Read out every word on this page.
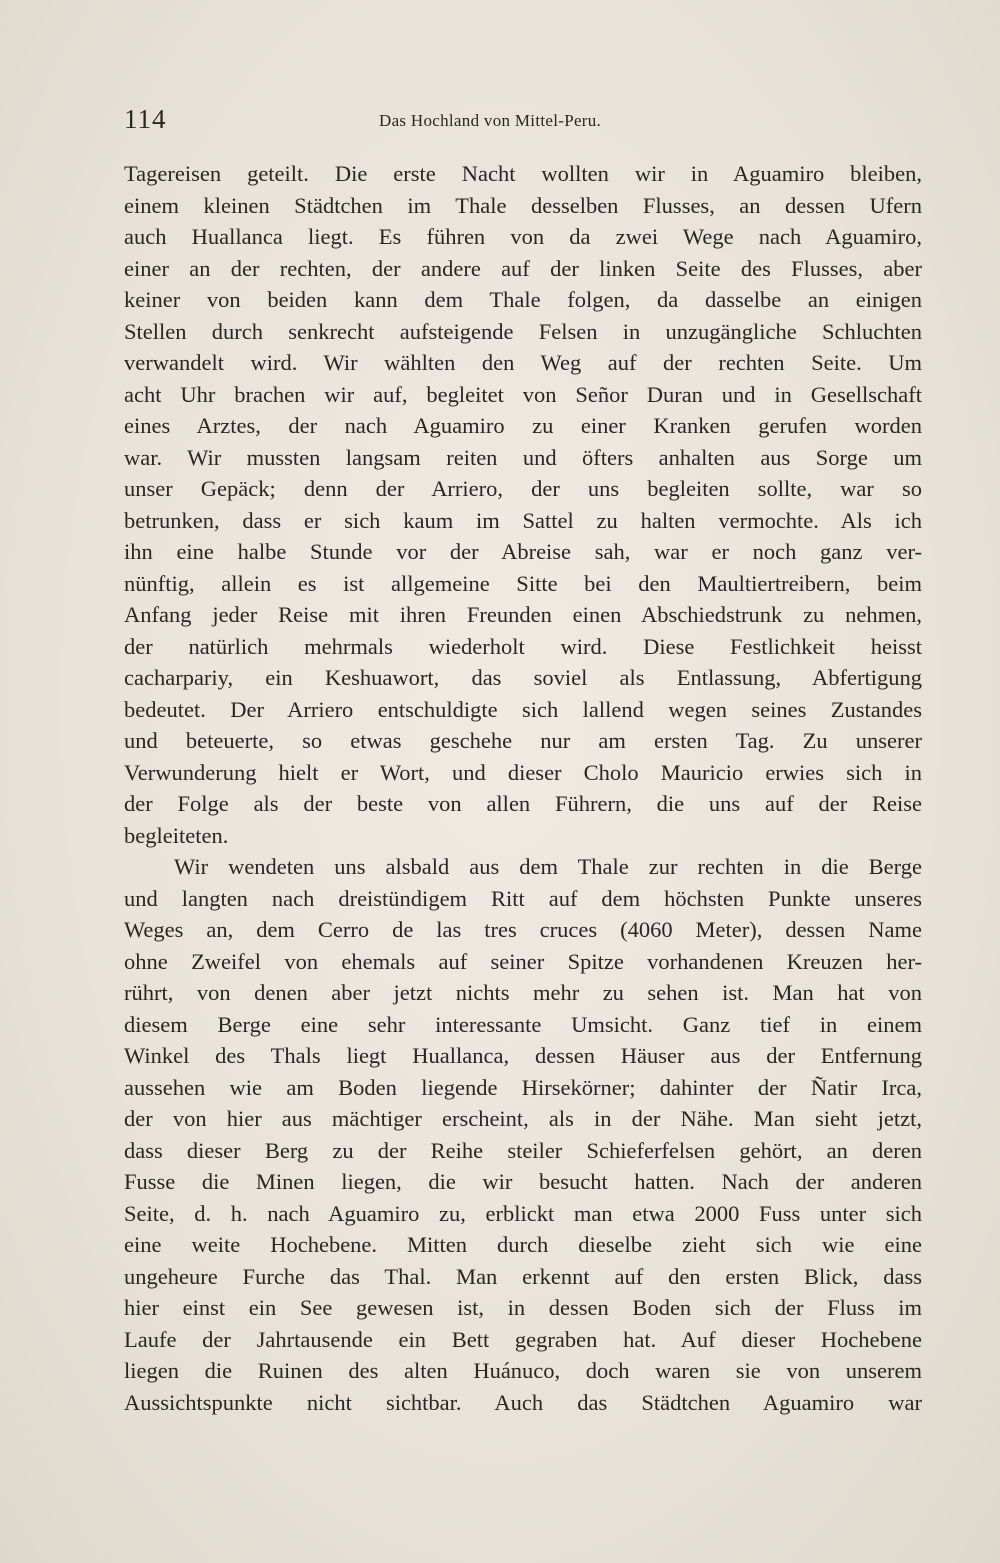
114	Das Hochland von Mittel-Peru.
Tagereisen geteilt. Die erste Nacht wollten wir in Aguamiro bleiben,
einem kleinen Städtchen im Thale desselben Flusses, an dessen Ufern
auch Huallanca liegt. Es führen von da zwei Wege nach Aguamiro,
einer an der rechten, der andere auf der linken Seite des Flusses, aber
keiner von beiden kann dem Thale folgen, da dasselbe an einigen
Stellen durch senkrecht aufsteigende Felsen in unzugängliche Schluchten
verwandelt wird. Wir wählten den Weg auf der rechten Seite. Um
acht Uhr brachen wir auf, begleitet von Señor Duran und in Gesellschaft
eines Arztes, der nach Aguamiro zu einer Kranken gerufen worden
war. Wir mussten langsam reiten und öfters anhalten aus Sorge um
unser Gepäck; denn der Arriero, der uns begleiten sollte, war so
betrunken, dass er sich kaum im Sattel zu halten vermochte. Als ich
ihn eine halbe Stunde vor der Abreise sah, war er noch ganz ver-
nünftig, allein es ist allgemeine Sitte bei den Maultiertreibern, beim
Anfang jeder Reise mit ihren Freunden einen Abschiedstrunk zu nehmen,
der natürlich mehrmals wiederholt wird. Diese Festlichkeit heisst
cacharpariy, ein Keshuawort, das soviel als Entlassung, Abfertigung
bedeutet. Der Arriero entschuldigte sich lallend wegen seines Zustandes
und beteuerte, so etwas geschehe nur am ersten Tag. Zu unserer
Verwunderung hielt er Wort, und dieser Cholo Mauricio erwies sich in
der Folge als der beste von allen Führern, die uns auf der Reise
begleiteten.
Wir wendeten uns alsbald aus dem Thale zur rechten in die Berge
und langten nach dreistündigem Ritt auf dem höchsten Punkte unseres
Weges an, dem Cerro de las tres cruces (4060 Meter), dessen Name
ohne Zweifel von ehemals auf seiner Spitze vorhandenen Kreuzen her-
rührt, von denen aber jetzt nichts mehr zu sehen ist. Man hat von
diesem Berge eine sehr interessante Umsicht. Ganz tief in einem
Winkel des Thals liegt Huallanca, dessen Häuser aus der Entfernung
aussehen wie am Boden liegende Hirsekörner; dahinter der Ñatir Irca,
der von hier aus mächtiger erscheint, als in der Nähe. Man sieht jetzt,
dass dieser Berg zu der Reihe steiler Schieferfelsen gehört, an deren
Fusse die Minen liegen, die wir besucht hatten. Nach der anderen
Seite, d. h. nach Aguamiro zu, erblickt man etwa 2000 Fuss unter sich
eine weite Hochebene. Mitten durch dieselbe zieht sich wie eine
ungeheure Furche das Thal. Man erkennt auf den ersten Blick, dass
hier einst ein See gewesen ist, in dessen Boden sich der Fluss im
Laufe der Jahrtausende ein Bett gegraben hat. Auf dieser Hochebene
liegen die Ruinen des alten Huánuco, doch waren sie von unserem
Aussichtspunkte nicht sichtbar. Auch das Städtchen Aguamiro war
